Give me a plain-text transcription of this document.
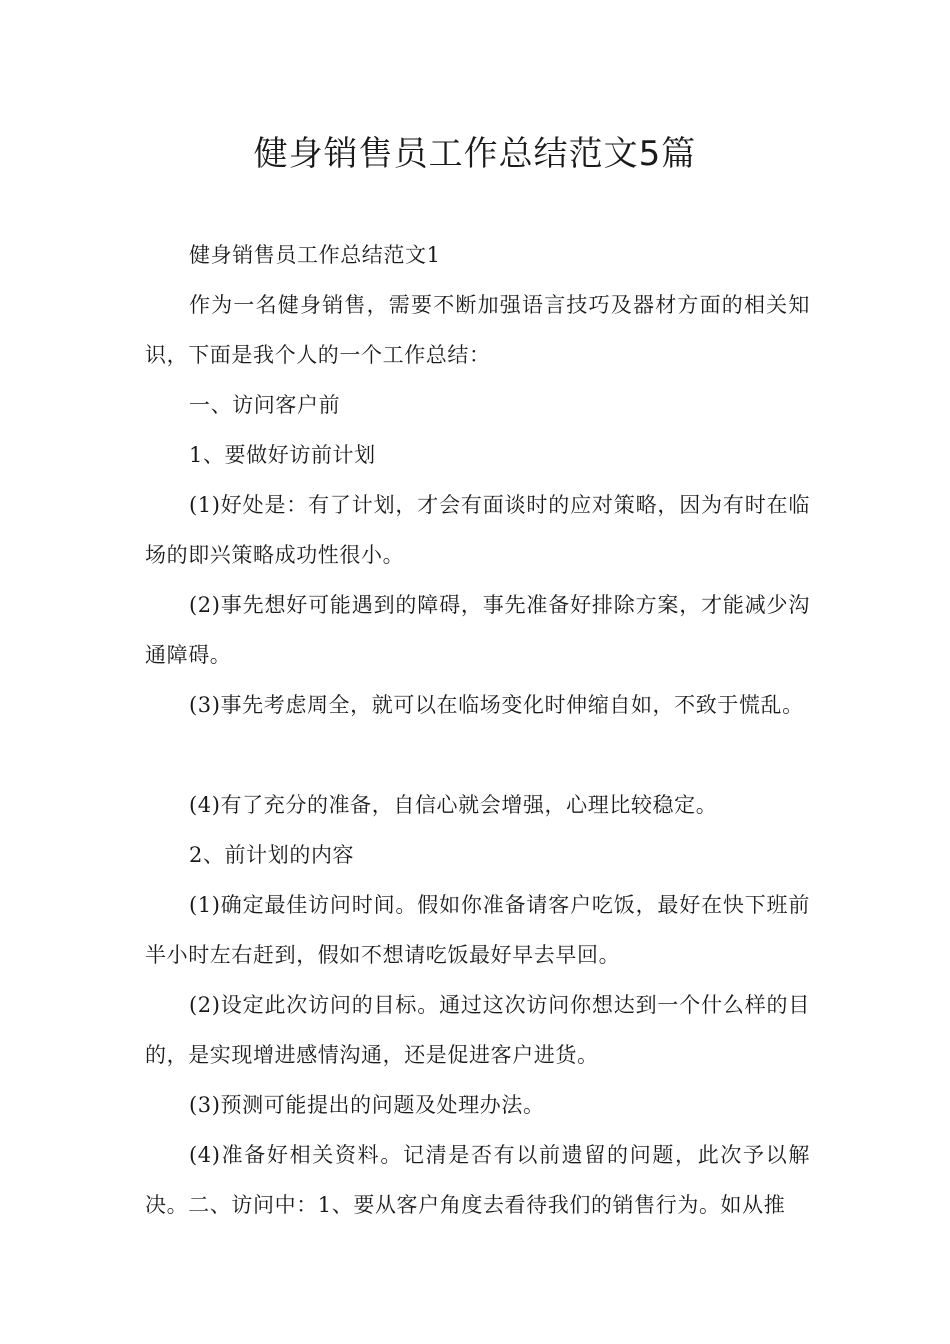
健身销售员工作总结范文5篇

健身销售员工作总结范文1

作为一名健身销售，需要不断加强语言技巧及器材方面的相关知识，下面是我个人的一个工作总结：

一、访问客户前

1、要做好访前计划

(1)好处是：有了计划，才会有面谈时的应对策略，因为有时在临场的即兴策略成功性很小。

(2)事先想好可能遇到的障碍，事先准备好排除方案，才能减少沟通障碍。

(3)事先考虑周全，就可以在临场变化时伸缩自如，不致于慌乱。

(4)有了充分的准备，自信心就会增强，心理比较稳定。

2、前计划的内容

(1)确定最佳访问时间。假如你准备请客户吃饭，最好在快下班前半小时左右赶到，假如不想请吃饭最好早去早回。

(2)设定此次访问的目标。通过这次访问你想达到一个什么样的目的，是实现增进感情沟通，还是促进客户进货。

(3)预测可能提出的问题及处理办法。

(4)准备好相关资料。记清是否有以前遗留的问题，此次予以解决。二、访问中：1、要从客户角度去看待我们的销售行为。如从推
